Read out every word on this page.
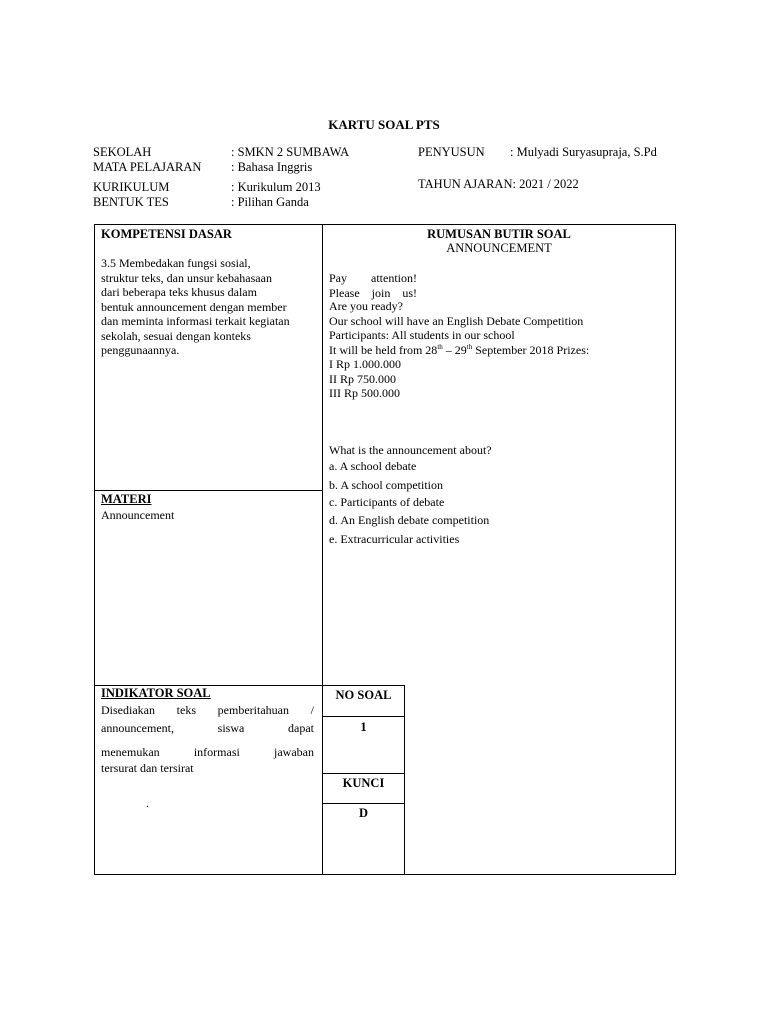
KARTU SOAL PTS
SEKOLAH	: SMKN 2 SUMBAWA
MATA PELAJARAN : Bahasa Inggris
KURIKULUM	: Kurikulum 2013
BENTUK TES	: Pilihan Ganda
PENYUSUN : Mulyadi Suryasupraja, S.Pd
TAHUN AJARAN: 2021 / 2022
KOMPETENSI DASAR
3.5 Membedakan fungsi sosial,
struktur teks, dan unsur kebahasaan
dari beberapa teks khusus dalam
bentuk announcement dengan member
dan meminta informasi terkait kegiatan
sekolah, sesuai dengan konteks
penggunaannya.
MATERI
Announcement
INDIKATOR SOAL
Disediakan teks pemberitahuan /
announcement,	siswa	dapat
menemukan	informasi	jawaban
tersurat dan tersirat
.
NO SOAL
1
KUNCI
D
RUMUSAN BUTIR SOAL
ANNOUNCEMENT
Pay attention!
Please join us!
Are you ready?
Our school will have an English Debate Competition
Participants: All students in our school
It will be held from 28th – 29th September 2018 Prizes:
I Rp 1.000.000
II Rp 750.000
III Rp 500.000
What is the announcement about?
a. A school debate
b. A school competition
c. Participants of debate
d. An English debate competition
e. Extracurricular activities
